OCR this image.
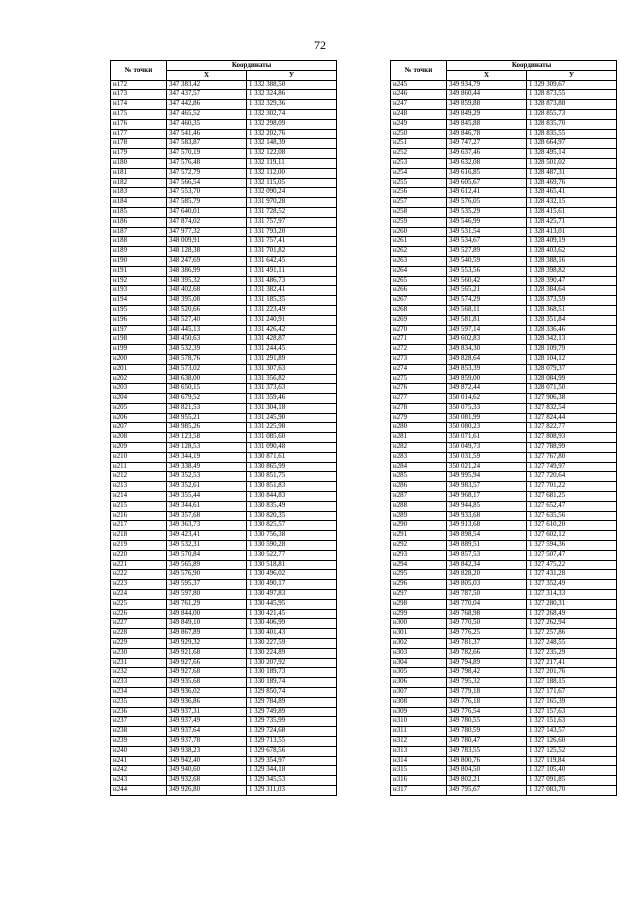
72
№ точки	Координаты	
	X	У
н172	347 383,42	1 332 388,50
н173	347 437,57	1 332 324,86
н174	347 442,86	1 332 329,36
н175	347 465,52	1 332 302,74
н176	347 460,35	1 332 298,09
н177	347 541,46	1 332 202,76
н178	347 583,87	1 332 148,39
н179	347 570,19	1 332 122,08
н180	347 576,48	1 332 119,11
н181	347 572,79	1 332 112,00
н182	347 566,54	1 332 115,05
н183	347 553,70	1 332 090,24
н184	347 585,79	1 331 970,28
н185	347 640,01	1 331 728,52
н186	347 874,02	1 331 757,97
н187	347 977,32	1 331 793,20
н188	348 009,91	1 331 757,41
н189	348 128,38	1 331 701,82
н190	348 247,69	1 331 642,45
н191	348 386,99	1 331 491,11
н192	348 395,32	1 331 486,73
н193	348 402,68	1 331 382,41
н194	348 395,08	1 331 185,35
н195	348 520,66	1 331 223,49
н196	348 527,40	1 331 240,91
н197	348 445,13	1 331 426,42
н198	348 450,63	1 331 428,87
н199	348 532,39	1 331 244,45
н200	348 578,76	1 331 291,89
н201	348 573,02	1 331 307,63
н202	348 638,00	1 331 356,82
н203	348 650,15	1 331 373,63
н204	348 679,52	1 331 359,46
н205	348 821,53	1 331 304,18
н206	348 955,21	1 331 245,90
н207	348 985,26	1 331 225,98
н208	349 123,58	1 331 085,60
н209	349 128,53	1 331 090,48
н210	349 344,19	1 330 871,61
н211	349 338,49	1 330 865,99
н212	349 352,53	1 330 851,75
н213	349 352,61	1 330 851,83
н214	349 355,44	1 330 844,83
н215	349 344,61	1 330 835,49
н216	349 357,68	1 330 820,35
н217	349 363,73	1 330 825,57
н218	349 423,41	1 330 756,38
н219	349 532,31	1 330 590,28
н220	349 570,84	1 330 522,77
н221	349 565,89	1 330 518,81
н222	349 576,90	1 330 496,02
н223	349 595,37	1 330 490,17
н224	349 597,80	1 330 497,83
н225	349 761,29	1 330 445,95
н226	349 844,00	1 330 421,45
н227	349 849,10	1 330 406,99
н228	349 867,89	1 330 401,43
н229	349 929,32	1 330 227,59
н230	349 921,68	1 330 224,89
н231	349 927,66	1 330 207,92
н232	349 927,68	1 330 189,73
н233	349 935,68	1 330 189,74
н234	349 936,02	1 329 850,74
н235	349 936,86	1 329 784,89
н236	349 937,31	1 329 749,89
н237	349 937,49	1 329 735,99
н238	349 937,64	1 329 724,68
н239	349 937,78	1 329 713,55
н240	349 938,23	1 329 678,56
н241	349 942,40	1 329 354,97
н242	349 940,60	1 329 344,18
н243	349 932,68	1 329 345,53
н244	349 926,80	1 329 311,03
№ точки	Координаты	
	X	У
н245	349 934,79	1 329 309,67
н246	349 860,44	1 328 873,55
н247	349 859,88	1 328 873,88
н248	349 849,29	1 328 855,73
н249	349 845,88	1 328 835,70
н250	349 846,78	1 328 835,55
н251	349 747,27	1 328 664,97
н252	349 637,46	1 328 495,14
н253	349 632,08	1 328 501,02
н254	349 616,85	1 328 487,31
н255	349 605,67	1 328 469,76
н256	349 612,41	1 328 465,41
н257	349 576,05	1 328 432,15
н258	349 535,29	1 328 415,61
н259	349 546,99	1 328 425,71
н260	349 531,54	1 328 413,01
н261	349 534,67	1 328 409,19
н262	349 527,89	1 328 403,62
н263	349 540,59	1 328 388,16
н264	349 553,56	1 328 398,82
н265	349 560,42	1 328 390,47
н266	349 565,21	1 328 384,64
н267	349 574,29	1 328 373,59
н268	349 568,11	1 328 368,51
н269	349 581,81	1 328 351,84
н270	349 597,14	1 328 336,46
н271	349 602,83	1 328 342,13
н272	349 834,30	1 328 109,79
н273	349 828,64	1 328 104,12
н274	349 853,39	1 328 079,37
н275	349 859,00	1 328 084,99
н276	349 872,44	1 328 071,50
н277	350 014,62	1 327 906,38
н278	350 075,33	1 327 832,54
н279	350 081,99	1 327 824,44
н280	350 080,23	1 327 822,77
н281	350 071,61	1 327 808,93
н282	350 049,73	1 327 788,99
н283	350 031,59	1 327 767,80
н284	350 021,24	1 327 749,97
н285	349 995,94	1 327 720,64
н286	349 983,57	1 327 701,22
н287	349 968,17	1 327 681,25
н288	349 944,85	1 327 652,47
н289	349 933,68	1 327 635,56
н290	349 913,68	1 327 610,20
н291	349 898,54	1 327 602,12
н292	349 889,51	1 327 594,36
н293	349 857,53	1 327 507,47
н294	349 842,34	1 327 475,22
н295	349 828,20	1 327 431,28
н296	349 805,03	1 327 352,49
н297	349 787,50	1 327 314,33
н298	349 770,04	1 327 280,31
н299	349 768,98	1 327 268,49
н300	349 770,50	1 327 262,94
н301	349 776,25	1 327 257,86
н302	349 781,37	1 327 248,55
н303	349 782,66	1 327 235,29
н304	349 794,89	1 327 217,41
н305	349 798,42	1 327 201,76
н306	349 795,32	1 327 188,15
н307	349 779,18	1 327 171,67
н308	349 776,18	1 327 165,39
н309	349 776,54	1 327 157,63
н310	349 780,55	1 327 151,63
н311	349 780,59	1 327 143,57
н312	349 780,47	1 327 126,60
н313	349 783,55	1 327 125,52
н314	349 800,76	1 327 119,84
н315	349 804,50	1 327 105,40
н316	349 802,21	1 327 091,85
н317	349 795,67	1 327 083,70
